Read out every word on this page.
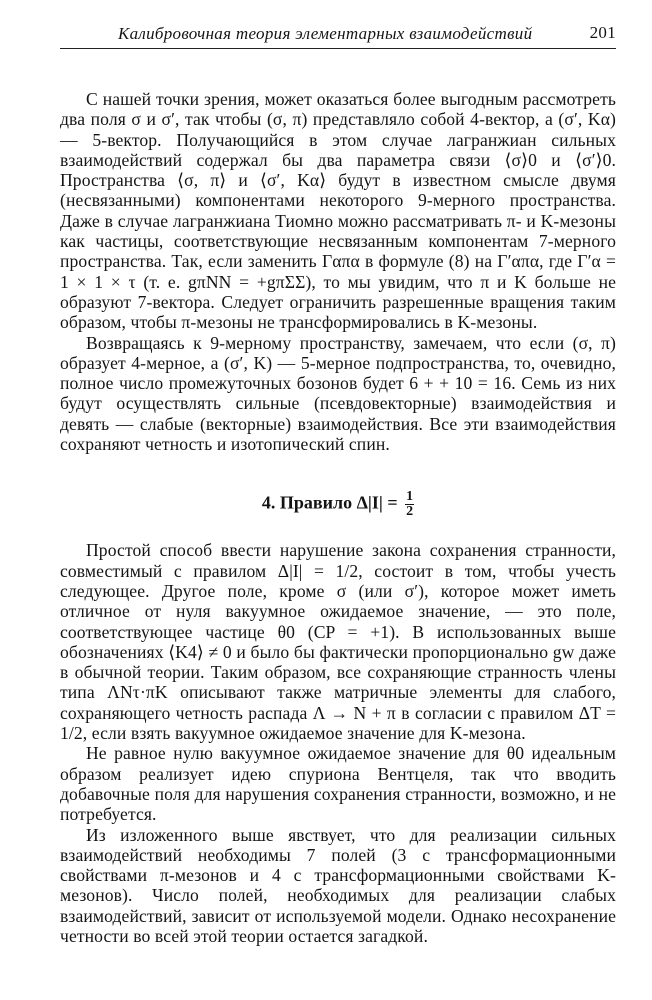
Калибровочная теория элементарных взаимодействий	201

С нашей точки зрения, может оказаться более выгодным рассмотреть два поля σ и σ′, так чтобы (σ, π) представляло собой 4-вектор, а (σ′, Kα) — 5-вектор. Получающийся в этом случае лагранжиан сильных взаимодействий содержал бы два параметра связи ⟨σ⟩0 и ⟨σ′⟩0. Пространства ⟨σ, π⟩ и ⟨σ′, Kα⟩ будут в известном смысле двумя (несвязанными) компонентами некоторого 9-мерного пространства. Даже в случае лагранжиана Тиомно можно рассматривать π- и K-мезоны как частицы, соответствующие несвязанным компонентам 7-мерного пространства. Так, если заменить Γαπα в формуле (8) на Γ′απα, где Γ′α = 1 × 1 × τ (т. е. gπNN = +gπΣΣ), то мы увидим, что π и K больше не образуют 7-вектора. Следует ограничить разрешенные вращения таким образом, чтобы π-мезоны не трансформировались в K-мезоны.

Возвращаясь к 9-мерному пространству, замечаем, что если (σ, π) образует 4-мерное, а (σ′, K) — 5-мерное подпространства, то, очевидно, полное число промежуточных бозонов будет 6 + + 10 = 16. Семь из них будут осуществлять сильные (псевдовекторные) взаимодействия и девять — слабые (векторные) взаимодействия. Все эти взаимодействия сохраняют четность и изотопический спин.

4. Правило $\Delta|I| = \frac{1}{2}$

Простой способ ввести нарушение закона сохранения странности, совместимый с правилом Δ|I| = 1/2, состоит в том, чтобы учесть следующее. Другое поле, кроме σ (или σ′), которое может иметь отличное от нуля вакуумное ожидаемое значение, — это поле, соответствующее частице θ0 (CP = +1). В использованных выше обозначениях ⟨K4⟩ ≠ 0 и было бы фактически пропорционально gw даже в обычной теории. Таким образом, все сохраняющие странность члены типа ΛNτ·πK описывают также матричные элементы для слабого, сохраняющего четность распада Λ → N + π в согласии с правилом ΔT = 1/2, если взять вакуумное ожидаемое значение для K-мезона.

Не равное нулю вакуумное ожидаемое значение для θ0 идеальным образом реализует идею спуриона Вентцеля, так что вводить добавочные поля для нарушения сохранения странности, возможно, и не потребуется.

Из изложенного выше явствует, что для реализации сильных взаимодействий необходимы 7 полей (3 с трансформационными свойствами π-мезонов и 4 с трансформационными свойствами K-мезонов). Число полей, необходимых для реализации слабых взаимодействий, зависит от используемой модели. Однако несохранение четности во всей этой теории остается загадкой.
